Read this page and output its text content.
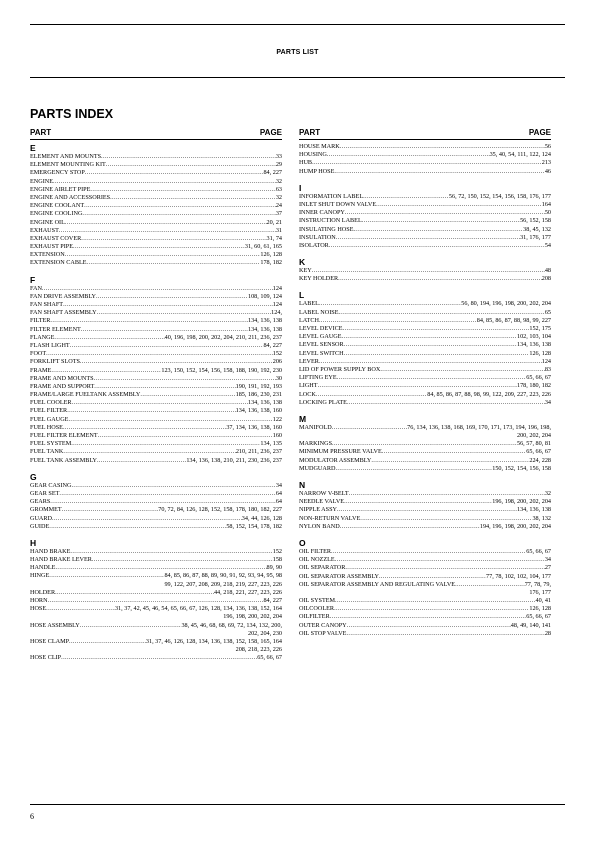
PARTS LIST
PARTS INDEX
PART	PAGE
E
ELEMENT AND MOUNTS .....	33
ELEMENT MOUNTING KIT .....	29
EMERGENCY STOP .....	84, 227
ENGINE .....	32
ENGINE AIRLET PIPE .....	63
ENGINE AND ACCESSORIES .....	32
ENGINE COOLANT .....	24
ENGINE COOLING .....	37
ENGINE OIL .....	20, 21
EXHAUST .....	31
EXHAUST COVER .....	31, 74
EXHAUST PIPE .....	31, 60, 61, 165
EXTENSION .....	126, 128
EXTENSION CABLE .....	178, 182
F
FAN .....	124
FAN DRIVE ASSEMBLY .....	108, 109, 124
FAN SHAFT .....	124
FAN SHAFT ASSEMBLY .....	124,
FILTER .....	134, 136, 138
FILTER ELEMENT .....	134, 136, 138
FLANGE .....	40, 196, 198, 200, 202, 204, 210, 211, 236, 237
FLASH LIGHT .....	84, 227
FOOT .....	152
FORKLIFT SLOTS .....	206
FRAME .....	123, 150, 152, 154, 156, 158, 188, 190, 192, 230
FRAME AND MOUNTS .....	30
FRAME AND SUPPORT .....	190, 191, 192, 193
FRAME/LARGE FUELTANK ASSEMBLY .....	185, 186, 230, 231
FUEL COOLER .....	134, 136, 138
FUEL FILTER .....	134, 136, 138, 160
FUEL GAUGE .....	122
FUEL HOSE .....	37, 134, 136, 138, 160
FUEL FILTER ELEMENT .....	160
FUEL SYSTEM .....	134, 135
FUEL TANK .....	210, 211, 236, 237
FUEL TANK ASSEMBLY .....	134, 136, 138, 210, 211, 230, 236, 237
G
GEAR CASING .....	34
GEAR SET .....	64
GEARS .....	64
GROMMET .....	70, 72, 84, 126, 128, 152, 158, 178, 180, 182, 227
GUARD .....	34, 44, 126, 128
GUIDE .....	58, 152, 154, 178, 182
H
HAND BRAKE .....	152
HAND BRAKE LEVER .....	158
HANDLE .....	89, 90
HINGE .....	84, 85, 86, 87, 88, 89, 90, 91, 92, 93, 94, 95, 98
99, 122, 207, 208, 209, 218, 219, 227, 223, 226
HOLDER .....	44, 218, 221, 227, 223, 226
HORN .....	84, 227
HOSE .....	31, 37, 42, 45, 46, 54, 65, 66, 67, 126, 128, 134, 136, 138, 152, 164
196, 198, 200, 202, 204
HOSE ASSEMBLY .....	38, 45, 46, 68, 68, 69, 72, 134, 132, 200,
202, 204, 230
HOSE CLAMP .....	31, 37, 46, 126, 128, 134, 136, 138, 152, 158, 165, 164
208, 218, 223, 226
HOSE CLIP .....	65, 66, 67
PART	PAGE
HOUSE MARK .....	56
HOUSING .....	35, 40, 54, 111, 122, 124
HUB .....	213
HUMP HOSE .....	46
I
INFORMATION LABEL .....	56, 72, 150, 152, 154, 156, 158, 176, 177
INLET SHUT DOWN VALVE .....	164
INNER CANOPY .....	50
INSTRUCTION LABEL .....	56, 152, 158
INSULATING HOSE .....	38, 45, 132
INSULATION .....	31, 176, 177
ISOLATOR .....	54
K
KEY .....	48
KEY HOLDER .....	208
L
LABEL .....	56, 80, 194, 196, 198, 200, 202, 204
LABEL NOISE .....	65
LATCH .....	84, 85, 86, 87, 88, 98, 99, 227
LEVEL DEVICE .....	152, 175
LEVEL GAUGE .....	102, 103, 104
LEVEL SENSOR .....	134, 136, 138
LEVEL SWITCH .....	126, 128
LEVER .....	124
LID OF POWER SUPPLY BOX .....	83
LIFTING EYE .....	65, 66, 67
LIGHT .....	178, 180, 182
LOCK .....	84, 85, 86, 87, 88, 98, 99, 122, 209, 227, 223, 226
LOCKING PLATE .....	34
M
MANIFOLD .....	76, 134, 136, 138, 168, 169, 170, 171, 173, 194, 196, 198,
200, 202, 204
MARKINGS .....	56, 57, 80, 81
MINIMUM PRESSURE VALVE .....	65, 66, 67
MODULATOR ASSEMBLY .....	224, 228
MUDGUARD .....	150, 152, 154, 156, 158
N
NARROW V-BELT .....	32
NEEDLE VALVE .....	196, 198, 200, 202, 204
NIPPLE ASSY .....	134, 136, 138
NON-RETURN VALVE .....	38, 132
NYLON BAND .....	194, 196, 198, 200, 202, 204
O
OIL FILTER .....	65, 66, 67
OIL NOZZLE .....	34
OIL SEPARATOR .....	27
OIL SEPARATOR ASSEMBLY .....	77, 78, 102, 102, 104, 177
OIL SEPARATOR ASSEMBLY AND REGULATING VALVE .....	77, 78, 79,
176, 177
OIL SYSTEM .....	40, 41
OILCOOLER .....	126, 128
OILFILTER .....	65, 66, 67
OUTER CANOPY .....	48, 49, 140, 141
OIL STOP VALVE .....	28
6
